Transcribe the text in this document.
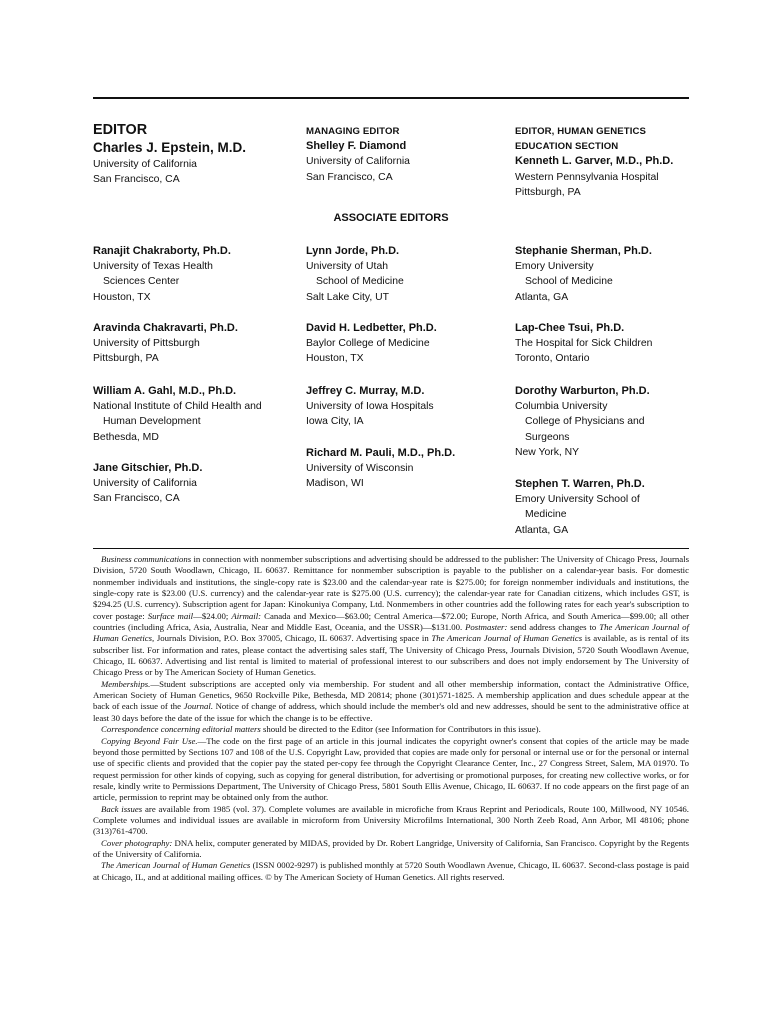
EDITOR
Charles J. Epstein, M.D.
University of California
San Francisco, CA
MANAGING EDITOR
Shelley F. Diamond
University of California
San Francisco, CA
EDITOR, HUMAN GENETICS
EDUCATION SECTION
Kenneth L. Garver, M.D., Ph.D.
Western Pennsylvania Hospital
Pittsburgh, PA
ASSOCIATE EDITORS
Ranajit Chakraborty, Ph.D.
University of Texas Health
Sciences Center
Houston, TX
Lynn Jorde, Ph.D.
University of Utah
School of Medicine
Salt Lake City, UT
Stephanie Sherman, Ph.D.
Emory University
School of Medicine
Atlanta, GA
Aravinda Chakravarti, Ph.D.
University of Pittsburgh
Pittsburgh, PA
David H. Ledbetter, Ph.D.
Baylor College of Medicine
Houston, TX
Lap-Chee Tsui, Ph.D.
The Hospital for Sick Children
Toronto, Ontario
William A. Gahl, M.D., Ph.D.
National Institute of Child Health and
Human Development
Bethesda, MD
Jeffrey C. Murray, M.D.
University of Iowa Hospitals
Iowa City, IA
Dorothy Warburton, Ph.D.
Columbia University
College of Physicians and
Surgeons
New York, NY
Richard M. Pauli, M.D., Ph.D.
University of Wisconsin
Madison, WI
Jane Gitschier, Ph.D.
University of California
San Francisco, CA
Stephen T. Warren, Ph.D.
Emory University School of
Medicine
Atlanta, GA

Business communications in connection with nonmember subscriptions and advertising should be addressed to the publisher: The University of Chicago Press, Journals Division, 5720 South Woodlawn, Chicago, IL 60637. Remittance for nonmember subscription is payable to the publisher on a calendar-year basis. For domestic nonmember individuals and institutions, the single-copy rate is $23.00 and the calendar-year rate is $275.00; for foreign nonmember individuals and institutions, the single-copy rate is $23.00 (U.S. currency) and the calendar-year rate is $275.00 (U.S. currency); the calendar-year rate for Canadian citizens, which includes GST, is $294.25 (U.S. currency). Subscription agent for Japan: Kinokuniya Company, Ltd. Nonmembers in other countries add the following rates for each year's subscription to cover postage: Surface mail—$24.00; Airmail: Canada and Mexico—$63.00; Central America—$72.00; Europe, North Africa, and South America—$99.00; all other countries (including Africa, Asia, Australia, Near and Middle East, Oceania, and the USSR)—$131.00. Postmaster: send address changes to The American Journal of Human Genetics, Journals Division, P.O. Box 37005, Chicago, IL 60637. Advertising space in The American Journal of Human Genetics is available, as is rental of its subscriber list. For information and rates, please contact the advertising sales staff, The University of Chicago Press, Journals Division, 5720 South Woodlawn Avenue, Chicago, IL 60637. Advertising and list rental is limited to material of professional interest to our subscribers and does not imply endorsement by The University of Chicago Press or by The American Society of Human Genetics.

Memberships.—Student subscriptions are accepted only via membership. For student and all other membership information, contact the Administrative Office, American Society of Human Genetics, 9650 Rockville Pike, Bethesda, MD 20814; phone (301)571-1825. A membership application and dues schedule appear at the back of each issue of the Journal. Notice of change of address, which should include the member's old and new addresses, should be sent to the administrative office at least 30 days before the date of the issue for which the change is to be effective.

Correspondence concerning editorial matters should be directed to the Editor (see Information for Contributors in this issue).

Copying Beyond Fair Use.—The code on the first page of an article in this journal indicates the copyright owner's consent that copies of the article may be made beyond those permitted by Sections 107 and 108 of the U.S. Copyright Law, provided that copies are made only for personal or internal use or for the personal or internal use of specific clients and provided that the copier pay the stated per-copy fee through the Copyright Clearance Center, Inc., 27 Congress Street, Salem, MA 01970. To request permission for other kinds of copying, such as copying for general distribution, for advertising or promotional purposes, for creating new collective works, or for resale, kindly write to Permissions Department, The University of Chicago Press, 5801 South Ellis Avenue, Chicago, IL 60637. If no code appears on the first page of an article, permission to reprint may be obtained only from the author.

Back issues are available from 1985 (vol. 37). Complete volumes are available in microfiche from Kraus Reprint and Periodicals, Route 100, Millwood, NY 10546. Complete volumes and individual issues are available in microform from University Microfilms International, 300 North Zeeb Road, Ann Arbor, MI 48106; phone (313)761-4700.

Cover photography: DNA helix, computer generated by MIDAS, provided by Dr. Robert Langridge, University of California, San Francisco. Copyright by the Regents of the University of California.

The American Journal of Human Genetics (ISSN 0002-9297) is published monthly at 5720 South Woodlawn Avenue, Chicago, IL 60637. Second-class postage is paid at Chicago, IL, and at additional mailing offices. © by The American Society of Human Genetics. All rights reserved.
